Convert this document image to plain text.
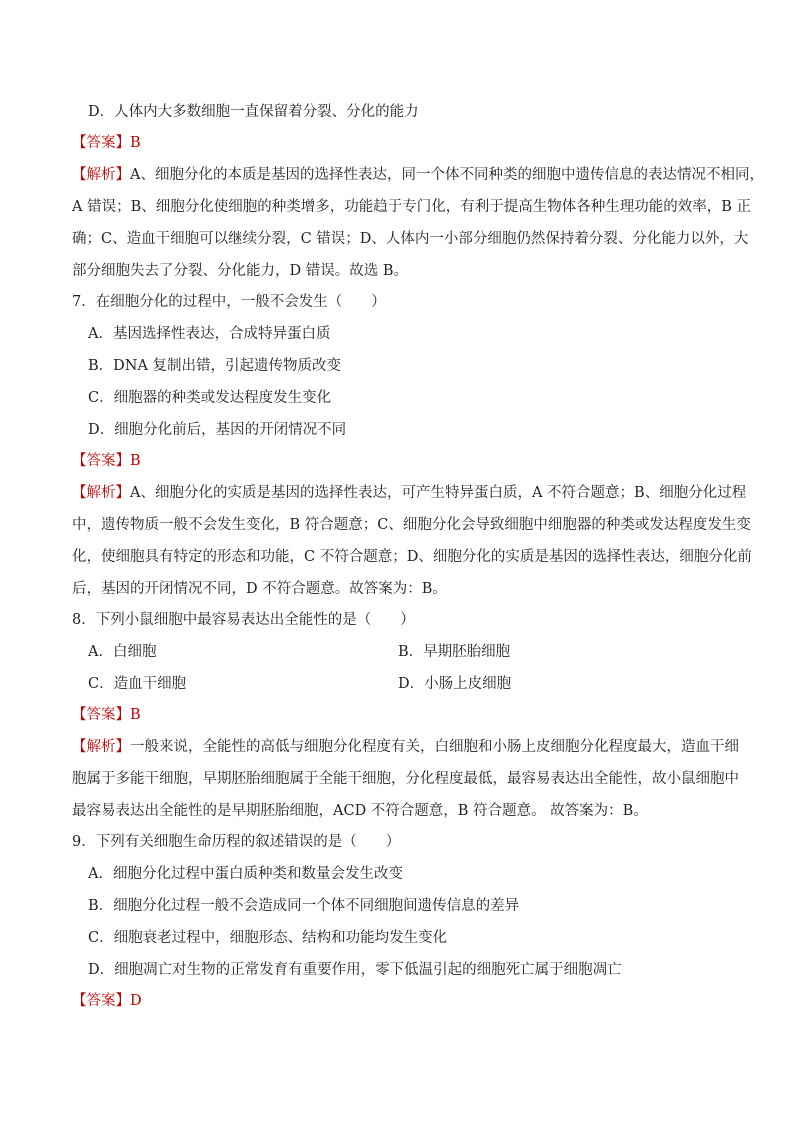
D．人体内大多数细胞一直保留着分裂、分化的能力
【答案】B
【解析】A、细胞分化的本质是基因的选择性表达，同一个体不同种类的细胞中遗传信息的表达情况不相同，
A 错误；B、细胞分化使细胞的种类增多，功能趋于专门化，有利于提高生物体各种生理功能的效率，B 正
确；C、造血干细胞可以继续分裂，C 错误；D、人体内一小部分细胞仍然保持着分裂、分化能力以外，大
部分细胞失去了分裂、分化能力，D 错误。故选 B。
7．在细胞分化的过程中，一般不会发生（　　）
A．基因选择性表达，合成特异蛋白质
B．DNA 复制出错，引起遗传物质改变
C．细胞器的种类或发达程度发生变化
D．细胞分化前后，基因的开闭情况不同
【答案】B
【解析】A、细胞分化的实质是基因的选择性表达，可产生特异蛋白质，A 不符合题意；B、细胞分化过程
中，遗传物质一般不会发生变化，B 符合题意；C、细胞分化会导致细胞中细胞器的种类或发达程度发生变
化，使细胞具有特定的形态和功能，C 不符合题意；D、细胞分化的实质是基因的选择性表达，细胞分化前
后，基因的开闭情况不同，D 不符合题意。故答案为：B。
8．下列小鼠细胞中最容易表达出全能性的是（　　）
A．白细胞	B．早期胚胎细胞
C．造血干细胞	D．小肠上皮细胞
【答案】B
【解析】一般来说，全能性的高低与细胞分化程度有关，白细胞和小肠上皮细胞分化程度最大，造血干细
胞属于多能干细胞，早期胚胎细胞属于全能干细胞，分化程度最低，最容易表达出全能性，故小鼠细胞中
最容易表达出全能性的是早期胚胎细胞，ACD 不符合题意，B 符合题意。 故答案为：B。
9．下列有关细胞生命历程的叙述错误的是（　　）
A．细胞分化过程中蛋白质种类和数量会发生改变
B．细胞分化过程一般不会造成同一个体不同细胞间遗传信息的差异
C．细胞衰老过程中，细胞形态、结构和功能均发生变化
D．细胞凋亡对生物的正常发育有重要作用，零下低温引起的细胞死亡属于细胞凋亡
【答案】D
